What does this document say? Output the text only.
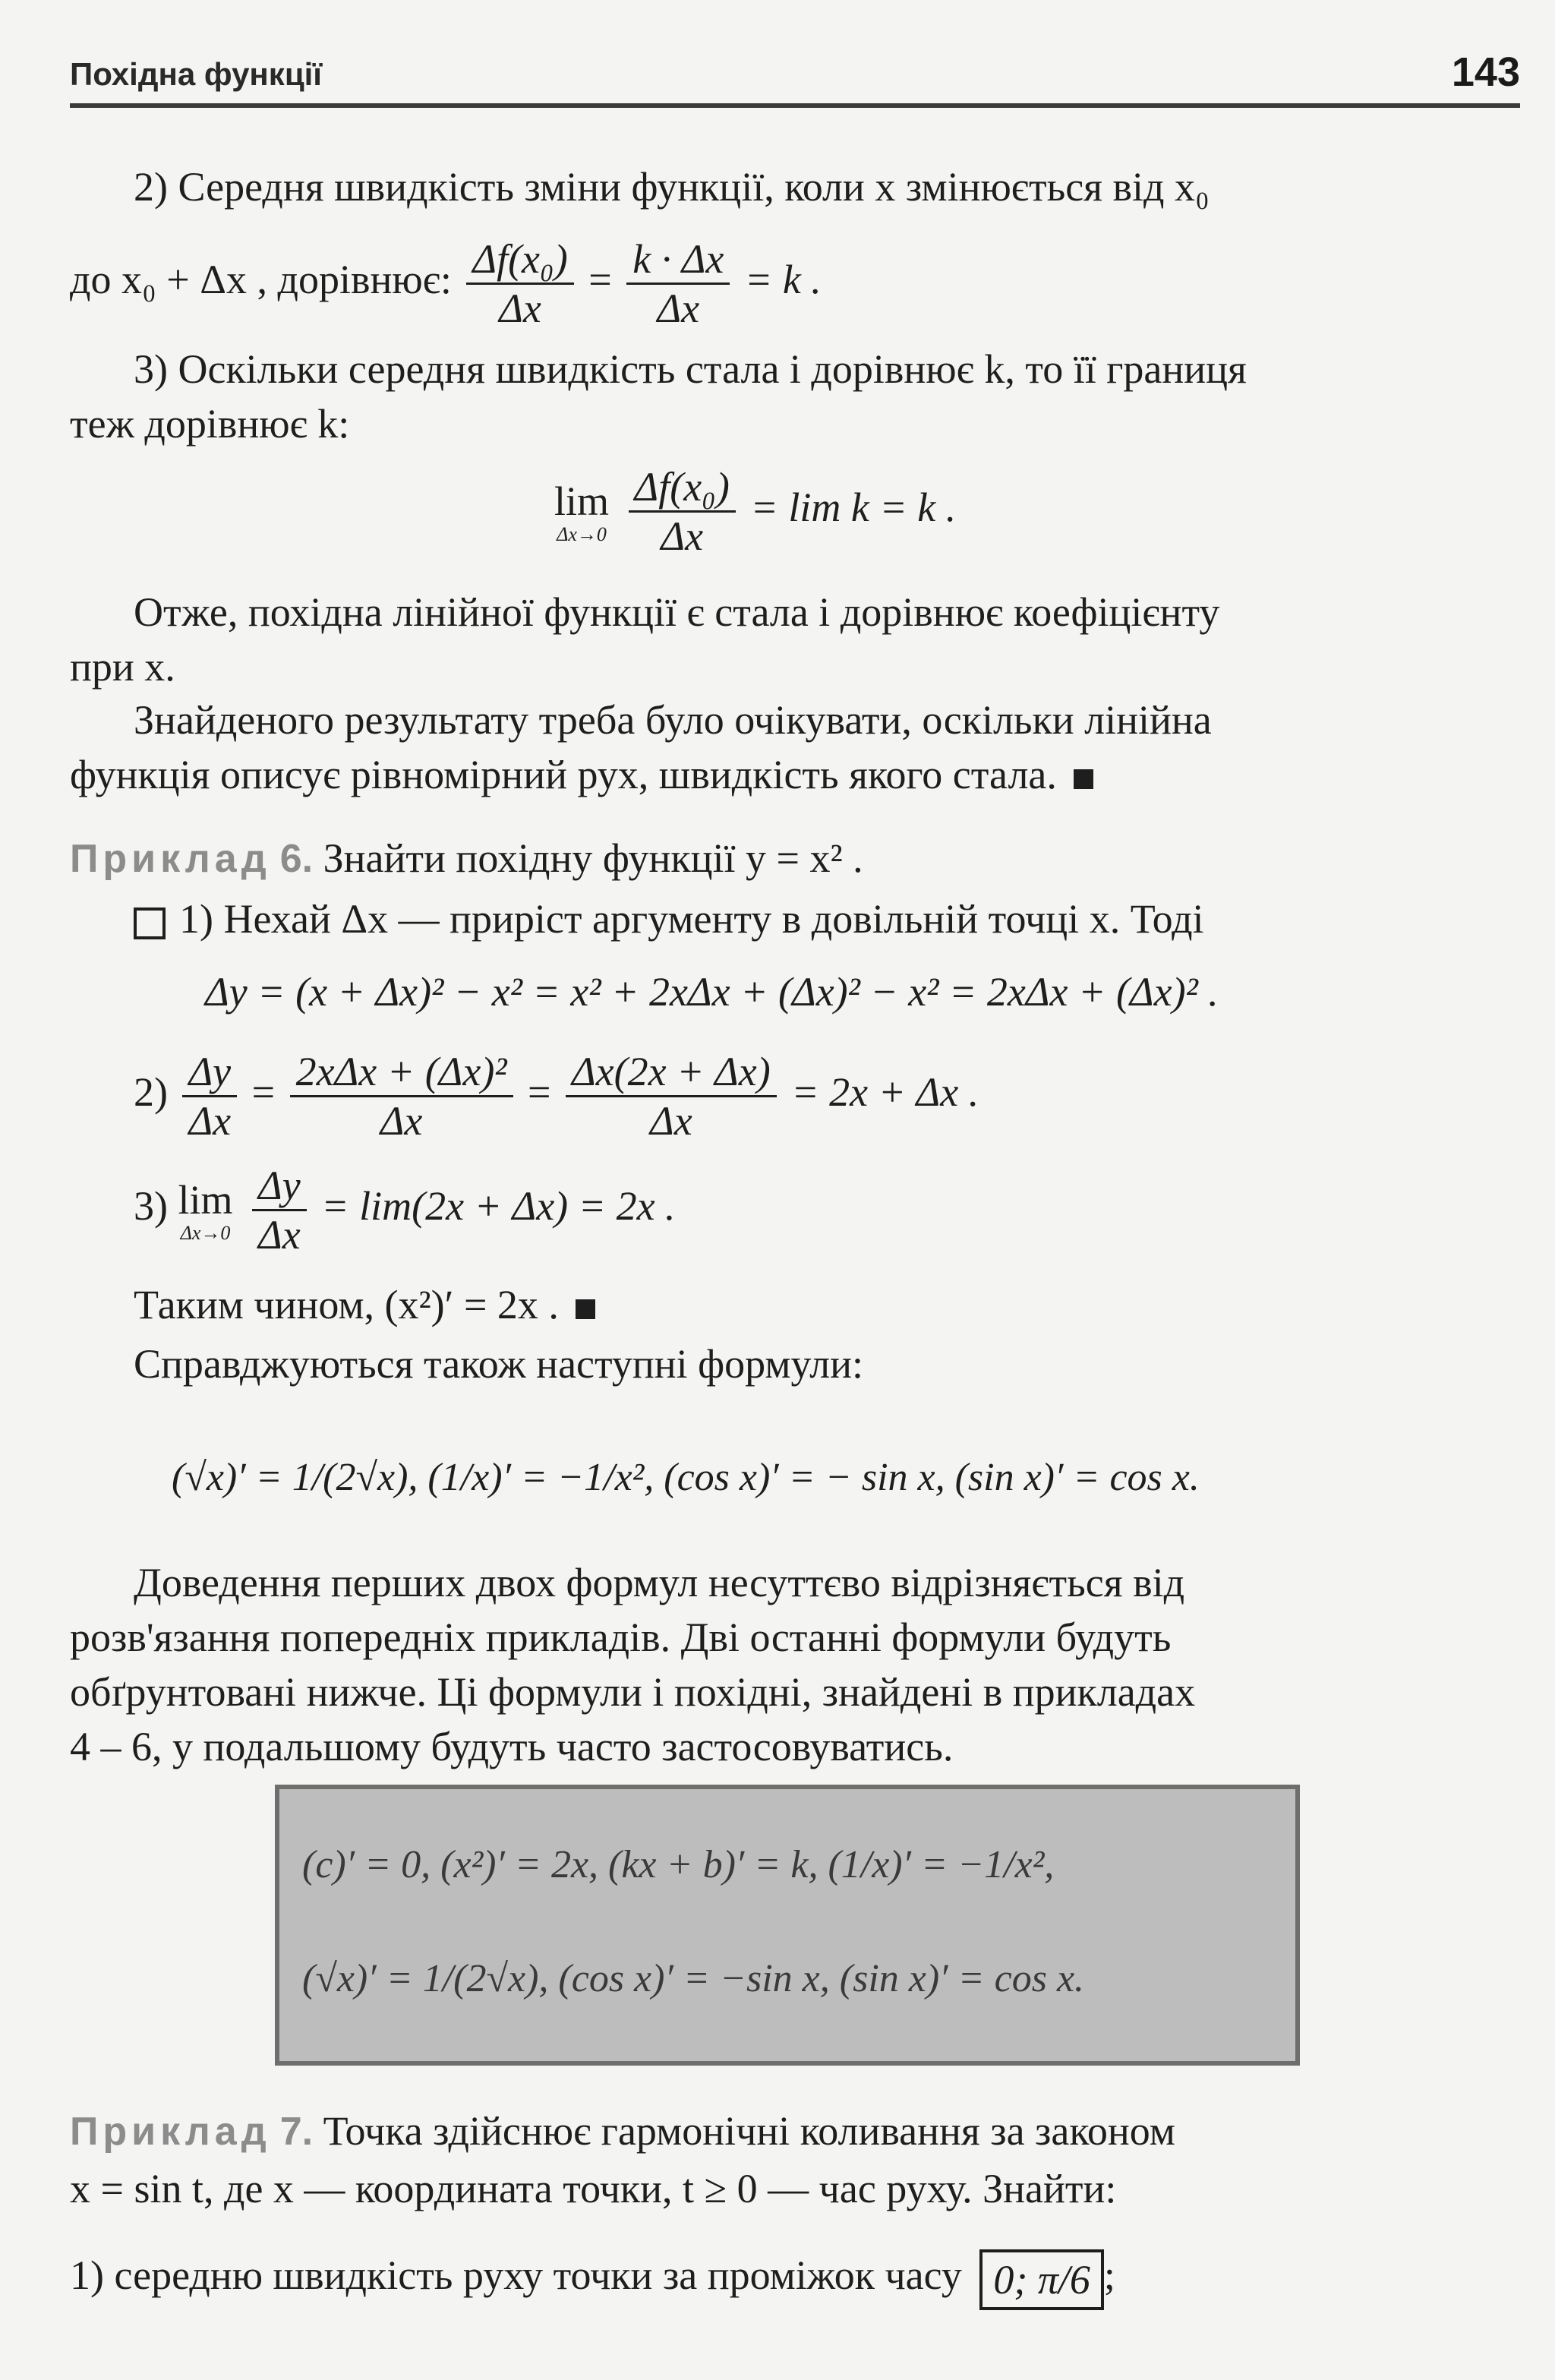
Похідна функції	143
2) Середня швидкість зміни функції, коли x змінюється від x₀
до x₀ + Δx , дорівнює: $\frac{\text{Δf(x₀)}}{\Delta x} = \frac{k \cdot \Delta x}{\Delta x} = k$ .
3) Оскільки середня швидкість стала і дорівнює k, то її границя
теж дорівнює k:
lim
Δx→0
$\frac{\text{Δf(x₀)}}{\Delta x} = \lim k = k$ .
Отже, похідна лінійної функції є стала і дорівнює коефіцієнту
при x.
Знайденого результату треба було очікувати, оскільки лінійна
функція описує рівномірний рух, швидкість якого стала.
Приклад 6. Знайти похідну функції y = x² .
1) Нехай Δx — приріст аргументу в довільній точці x. Тоді
Δy = (x + Δx)² − x² = x² + 2xΔx + (Δx)² − x² = 2xΔx + (Δx)² .
$2) \frac{\Delta y}{\Delta x} = \frac{\text{2xΔx + (Δx)²}}{\Delta x} = \frac{\Delta x(2x + \Delta x)}{\Delta x} = 2x + \Delta x$ .
3) lim
Δx→0
$\frac{\Delta y}{\Delta x} = \lim(2x + \Delta x) = 2x$ .
Таким чином, (x²)′ = 2x .
Справджуються також наступні формули:
(√x)′ = 1/(2√x), (1/x)′ = −1/x², (cos x)′ = − sin x, (sin x)′ = cos x.
Доведення перших двох формул несуттєво відрізняється від
розв'язання попередніх прикладів. Дві останні формули будуть
обґрунтовані нижче. Ці формули і похідні, знайдені в прикладах
4 – 6, у подальшому будуть часто застосовуватись.
(c)′ = 0, (x²)′ = 2x, (kx + b)′ = k, (1/x)′ = −1/x²,
(√x)′ = 1/(2√x), (cos x)′ = −sin x, (sin x)′ = cos x.
Приклад 7. Точка здійснює гармонічні коливання за законом
x = sin t, де x — координата точки, t ≥ 0 — час руху. Знайти:
1) середню швидкість руху точки за проміжок часу 0; π/6 ;
